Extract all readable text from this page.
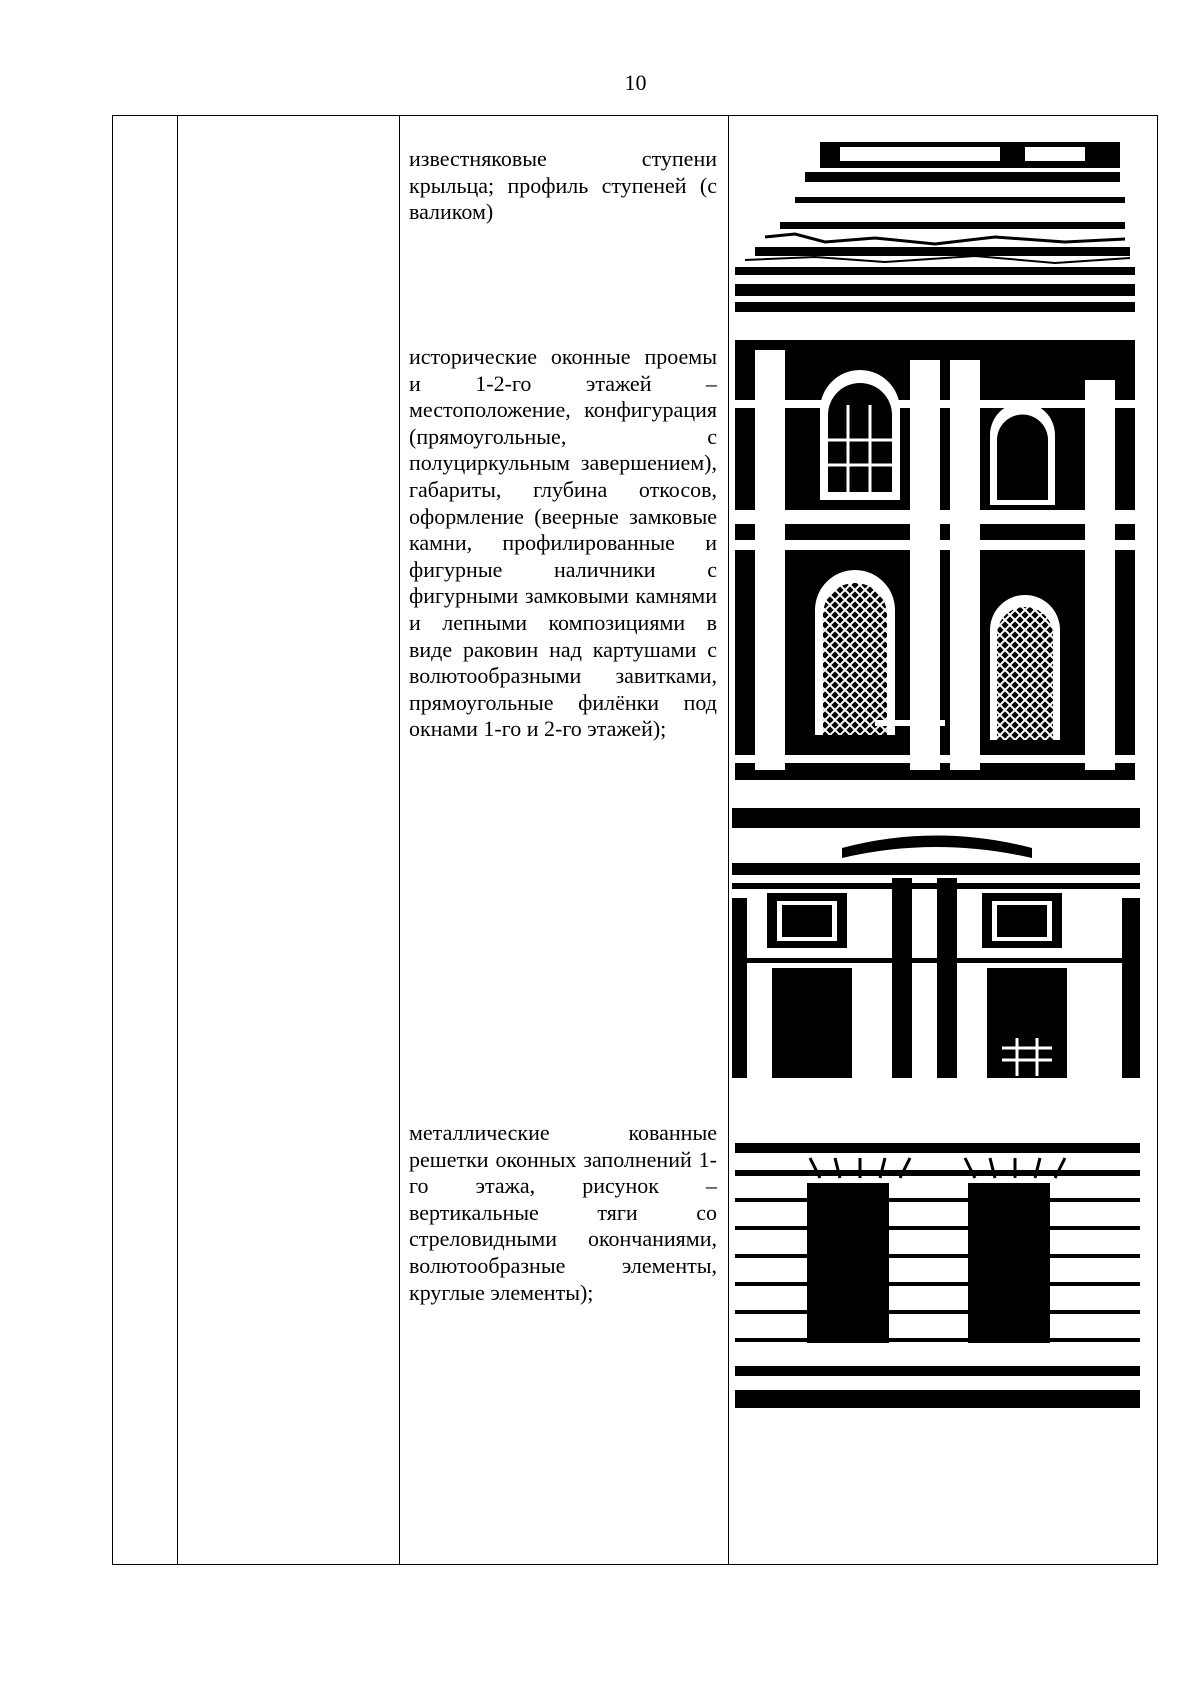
10
известняковые ступени крыльца; профиль ступеней (с валиком)
исторические оконные проемы и 1-2-го этажей – местоположение, конфигурация (прямоугольные, с полуциркульным завершением), габариты, глубина откосов, оформление (веерные замковые камни, профилированные и фигурные наличники с фигурными замковыми камнями и лепными композициями в виде раковин над картушами с волютообразными завитками, прямоугольные филёнки под окнами 1-го и 2-го этажей);
металлические кованные решетки оконных заполнений 1-го этажа, рисунок – вертикальные тяги со стреловидными окончаниями, волютообразные элементы, круглые элементы);
